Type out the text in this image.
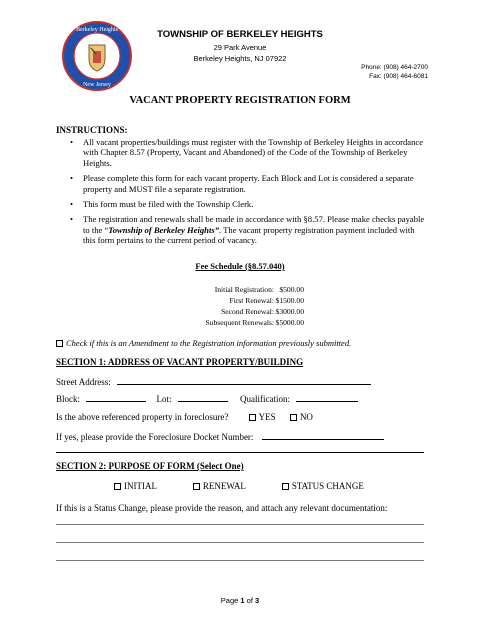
Berkeley Heights
New Jersey
TOWNSHIP OF BERKELEY HEIGHTS
29 Park Avenue
Berkeley Heights, NJ 07922
Phone: (908) 464-2700
Fax: (908) 464-6081
VACANT PROPERTY REGISTRATION FORM
INSTRUCTIONS:
• All vacant properties/buildings must register with the Township of Berkeley Heights in accordance with Chapter 8.57 (Property, Vacant and Abandoned) of the Code of the Township of Berkeley Heights.
• Please complete this form for each vacant property. Each Block and Lot is considered a separate property and MUST file a separate registration.
• This form must be filed with the Township Clerk.
• The registration and renewals shall be made in accordance with §8.57. Please make checks payable to the “Township of Berkeley Heights”. The vacant property registration payment included with this form pertains to the current period of vacancy.
Fee Schedule (§8.57.040)
Initial Registration: $500.00
First Renewal: $1500.00
Second Renewal: $3000.00
Subsequent Renewals: $5000.00
Check if this is an Amendment to the Registration information previously submitted.
SECTION 1: ADDRESS OF VACANT PROPERTY/BUILDING
Street Address:
Block:	Lot:	Qualification:
Is the above referenced property in foreclosure?	YES	NO
If yes, please provide the Foreclosure Docket Number:
SECTION 2: PURPOSE OF FORM (Select One)
INITIAL	RENEWAL	STATUS CHANGE
If this is a Status Change, please provide the reason, and attach any relevant documentation:
Page 1 of 3
